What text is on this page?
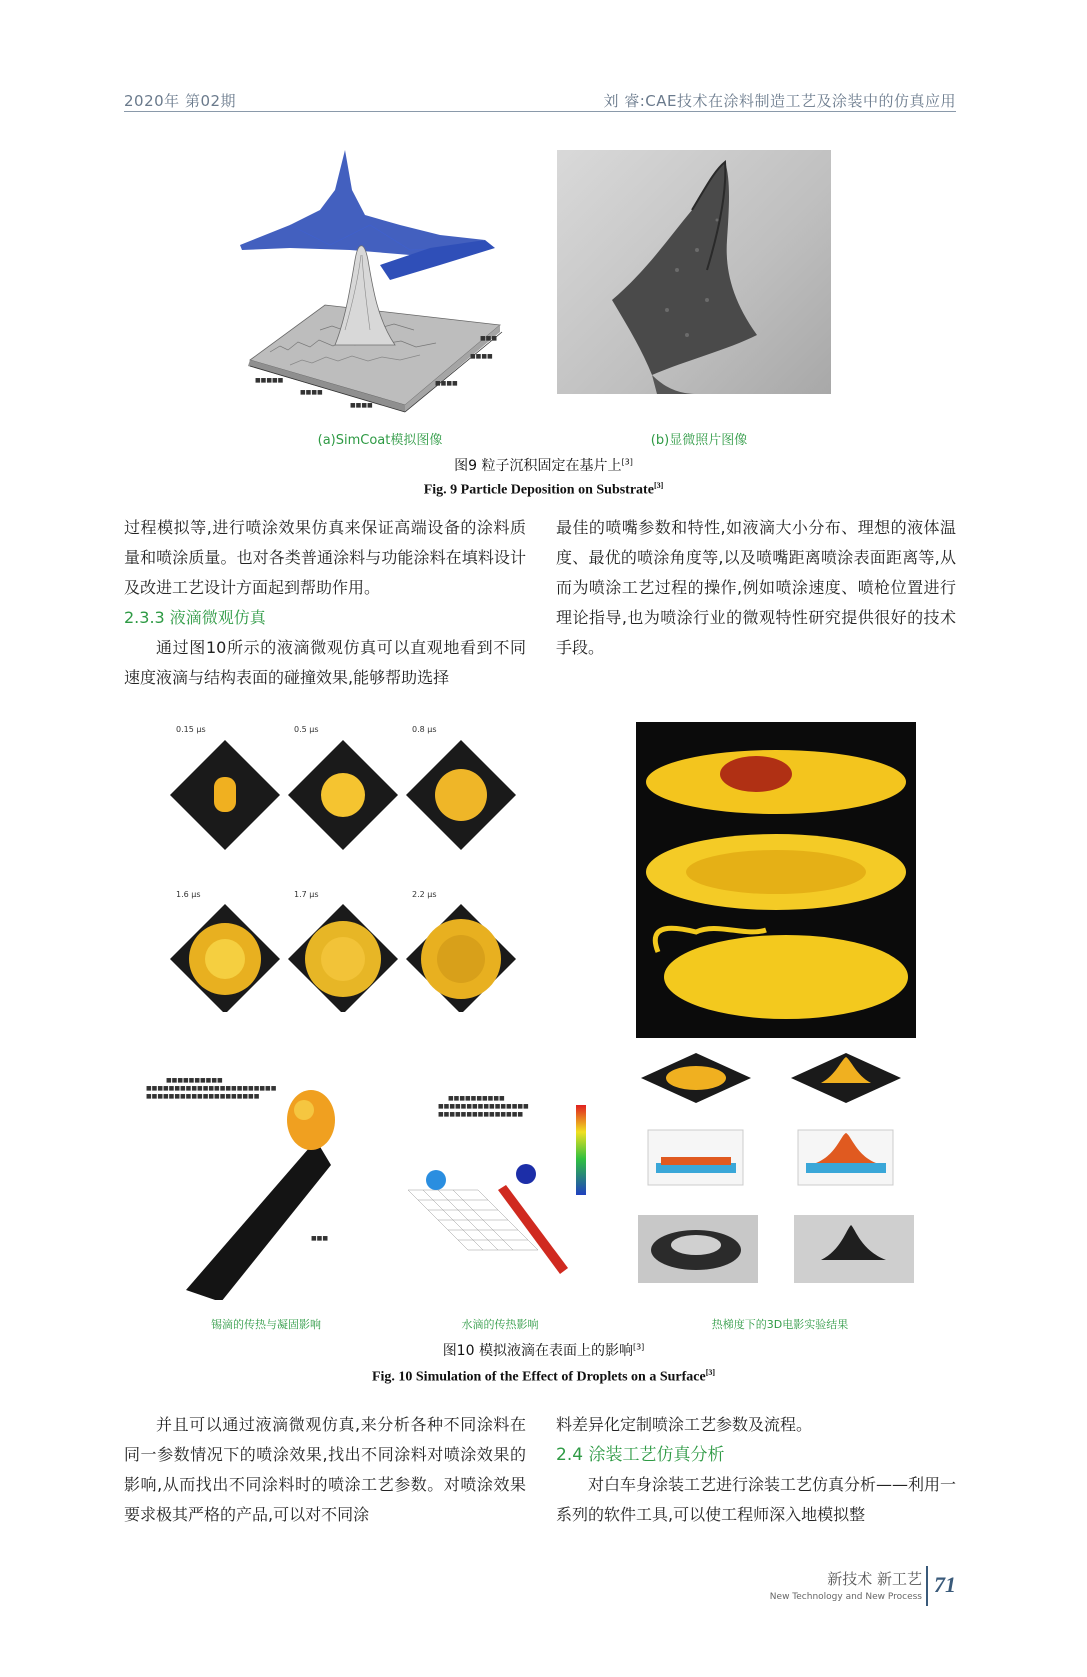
2020年 第02期	刘 睿:CAE技术在涂料制造工艺及涂装中的仿真应用
■■■■■
■■■■
■■■■
■■■■
■■■■
■■■
(a)SimCoat模拟图像	(b)显微照片图像
图9 粒子沉积固定在基片上[3]
Fig. 9 Particle Deposition on Substrate[3]

过程模拟等,进行喷涂效果仿真来保证高端设备的涂料质量和喷涂质量。也对各类普通涂料与功能涂料在填料设计及改进工艺设计方面起到帮助作用。

2.3.3 液滴微观仿真

通过图10所示的液滴微观仿真可以直观地看到不同速度液滴与结构表面的碰撞效果,能够帮助选择

最佳的喷嘴参数和特性,如液滴大小分布、理想的液体温度、最优的喷涂角度等,以及喷嘴距离喷涂表面距离等,从而为喷涂工艺过程的操作,例如喷涂速度、喷枪位置进行理论指导,也为喷涂行业的微观特性研究提供很好的技术手段。

0.15 μs	0.5 μs	0.8 μs
1.6 μs	1.7 μs	2.2 μs
■■■■■■■■■■
■■■■■■■■■■■■■■■■■■■■■■■
■■■■■■■■■■■■■■■■■■■■
■■■
■■■■■■■■■■
■■■■■■■■■■■■■■■■
■■■■■■■■■■■■■■■
锡滴的传热与凝固影响	水滴的传热影响	热梯度下的3D电影实验结果
图10 模拟液滴在表面上的影响[3]
Fig. 10 Simulation of the Effect of Droplets on a Surface[3]

并且可以通过液滴微观仿真,来分析各种不同涂料在同一参数情况下的喷涂效果,找出不同涂料对喷涂效果的影响,从而找出不同涂料时的喷涂工艺参数。对喷涂效果要求极其严格的产品,可以对不同涂

料差异化定制喷涂工艺参数及流程。

2.4 涂装工艺仿真分析

对白车身涂装工艺进行涂装工艺仿真分析——利用一系列的软件工具,可以使工程师深入地模拟整

新技术 新工艺
New Technology and New Process 71
